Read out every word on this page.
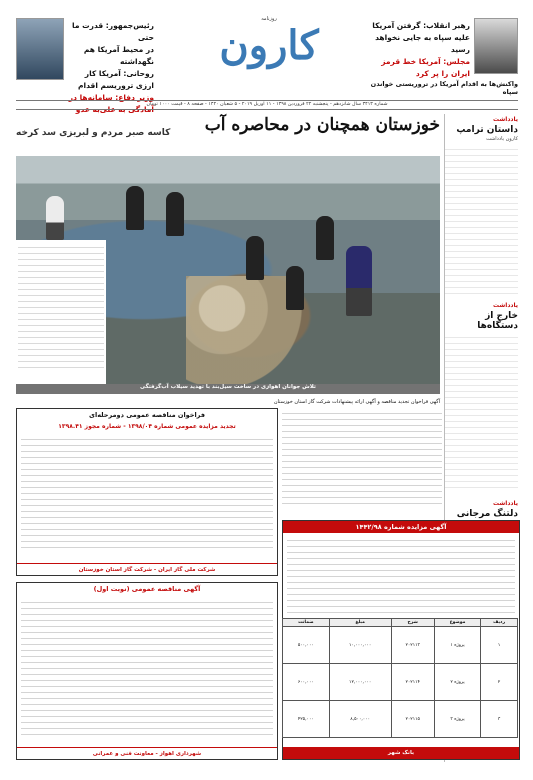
رئیس‌جمهور: قدرت ما حتی
در محیط آمریکا هم نگهداشته
روحانی: آمریکا کار ارزی تروریسم اقدام
وزیر دفاع: سامانه‌ها در آمادگی به علی‌به عدو
روزنامه
کارون	رهبر انقلاب: گرفتن آمریکا
علیه سپاه به جایی نخواهد رسید
مجلس: آمریکا خط قرمز ایران را پر کرد
واکنش‌ها به اقدام آمریکا در تروریستی خواندن سپاه
شماره ۳۴۱۳ سال شانزدهم - پنجشنبه ۲۲ فروردین ۱۳۹۸ - ۱۱ آوریل ۲۰۱۹ - ۵ شعبان ۱۴۴۰ - صفحه ۸ - قیمت ۱۰۰۰ تومان
یادداشت
داستان ترامپ
کارون یادداشت
یادداشت
خارج از دستگاه‌ها
یادداشت
دلتنگ مرجانی
خوزستان همچنان در محاصره آب
کاسه صبر مردم و لبریزی سد کرخه
تلاش جوانان اهوازی در ساخت سیل‌بند با تهدید سیلاب آب‌گرفتگی
آگهی فراخوان تجدید مناقصه و آگهی ارائه پیشنهادات شرکت گاز استان خوزستان
فراخوان مناقصه عمومی دومرحله‌ای
تجدید مزایده عمومی شماره ۱۳۹۸/۰۴ - شماره مجوز ۱۳۹۸.۴۱
شرکت ملی گاز ایران - شرکت گاز استان خوزستان
آگهی مزایده شماره ۱۴۴۲/۹۸
بانک شهر
ردیف	موضوع	شرح	مبلغ	ضمانت
۱	پروژه ۱	۲۰۲۱۱۳	۱۰,۰۰۰,۰۰۰	۵۰۰,۰۰۰
۲	پروژه ۲	۲۰۲۱۱۴	۱۲,۰۰۰,۰۰۰	۶۰۰,۰۰۰
۳	پروژه ۳	۲۰۲۱۱۵	۸,۵۰۰,۰۰۰	۴۲۵,۰۰۰
آگهی مناقصه عمومی (نوبت اول)
شهرداری اهواز - معاونت فنی و عمرانی
